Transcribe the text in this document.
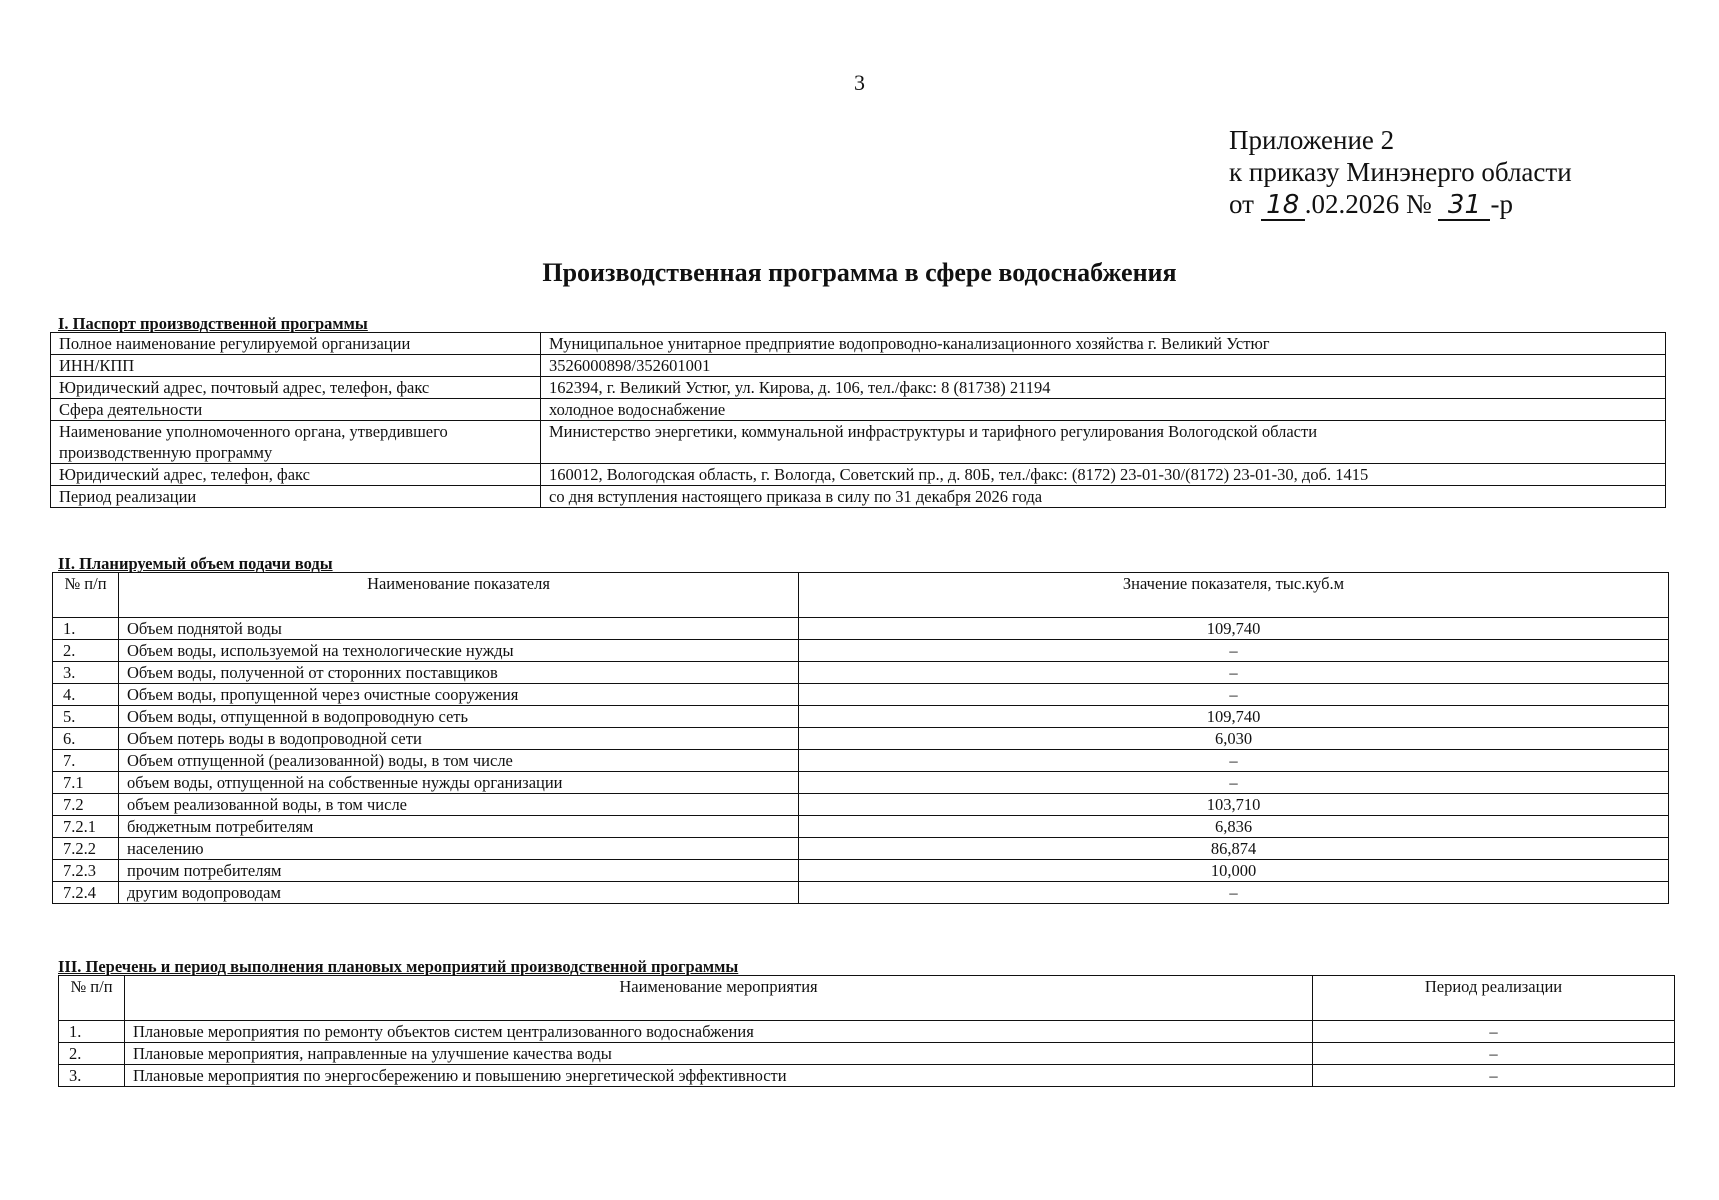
3
Приложение 2
к приказу Минэнерго области
от 18 .02.2026 № 31 -р
Производственная программа в сфере водоснабжения
I. Паспорт производственной программы
Полное наименование регулируемой организации	Муниципальное унитарное предприятие водопроводно-канализационного хозяйства г. Великий Устюг
ИНН/КПП	3526000898/352601001
Юридический адрес, почтовый адрес, телефон, факс	162394, г. Великий Устюг, ул. Кирова, д. 106, тел./факс: 8 (81738) 21194
Сфера деятельности	холодное водоснабжение
Наименование уполномоченного органа, утвердившего производственную программу	Министерство энергетики, коммунальной инфраструктуры и тарифного регулирования Вологодской области
Юридический адрес, телефон, факс	160012, Вологодская область, г. Вологда, Советский пр., д. 80Б, тел./факс: (8172) 23-01-30/(8172) 23-01-30, доб. 1415
Период реализации	со дня вступления настоящего приказа в силу по 31 декабря 2026 года
II. Планируемый объем подачи воды
№ п/п	Наименование показателя	Значение показателя, тыс.куб.м
1.	Объем поднятой воды	109,740
2.	Объем воды, используемой на технологические нужды	–
3.	Объем воды, полученной от сторонних поставщиков	–
4.	Объем воды, пропущенной через очистные сооружения	–
5.	Объем воды, отпущенной в водопроводную сеть	109,740
6.	Объем потерь воды в водопроводной сети	6,030
7.	Объем отпущенной (реализованной) воды, в том числе	–
7.1	объем воды, отпущенной на собственные нужды организации	–
7.2	объем реализованной воды, в том числе	103,710
7.2.1	бюджетным потребителям	6,836
7.2.2	населению	86,874
7.2.3	прочим потребителям	10,000
7.2.4	другим водопроводам	–
III. Перечень и период выполнения плановых мероприятий производственной программы
№ п/п	Наименование мероприятия	Период реализации
1.	Плановые мероприятия по ремонту объектов систем централизованного водоснабжения	–
2.	Плановые мероприятия, направленные на улучшение качества воды	–
3.	Плановые мероприятия по энергосбережению и повышению энергетической эффективности	–
